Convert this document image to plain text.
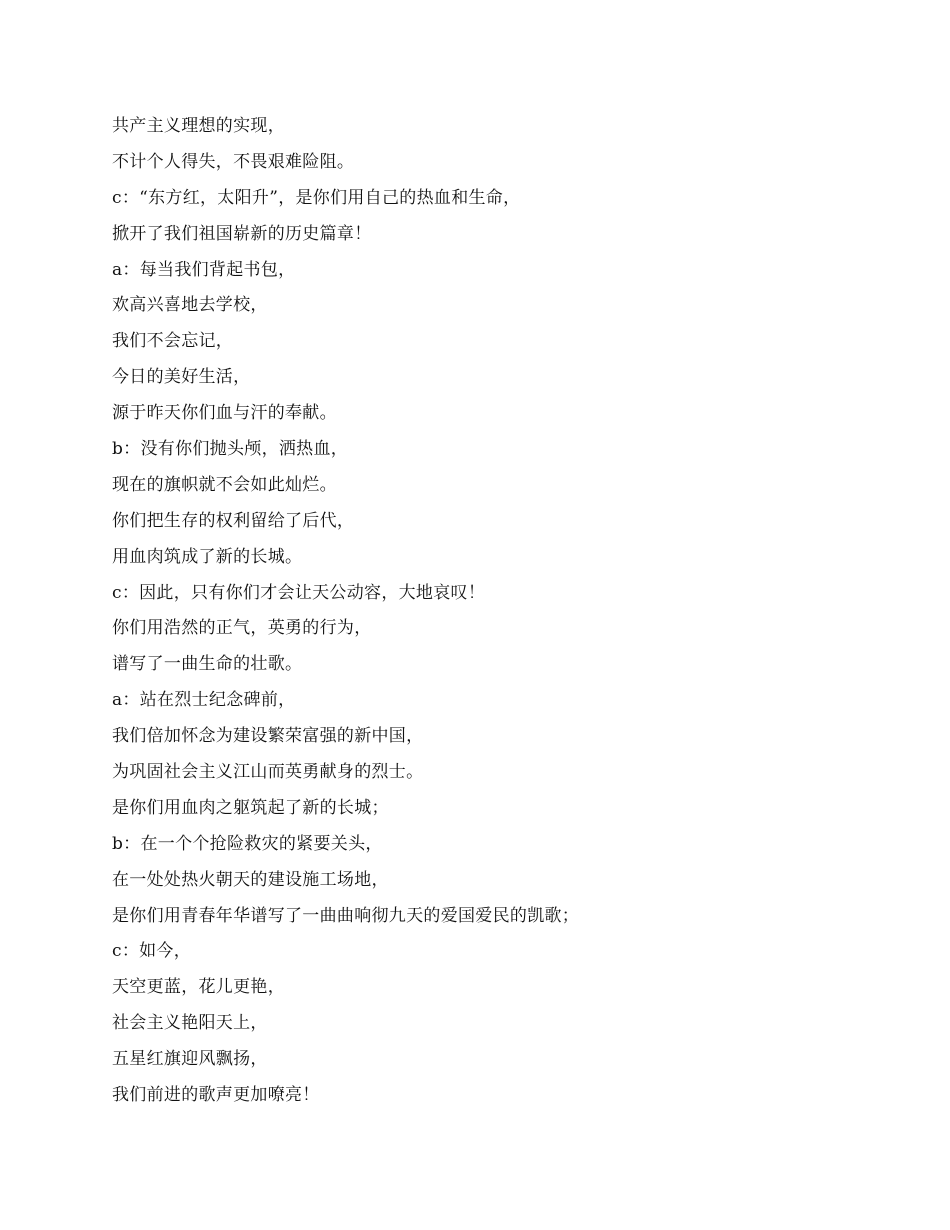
共产主义理想的实现，
不计个人得失，不畏艰难险阻。
c：“东方红，太阳升”，是你们用自己的热血和生命，
掀开了我们祖国崭新的历史篇章！
a：每当我们背起书包，
欢高兴喜地去学校，
我们不会忘记，
今日的美好生活，
源于昨天你们血与汗的奉献。
b：没有你们抛头颅，洒热血，
现在的旗帜就不会如此灿烂。
你们把生存的权利留给了后代，
用血肉筑成了新的长城。
c：因此，只有你们才会让天公动容，大地哀叹！
你们用浩然的正气，英勇的行为，
谱写了一曲生命的壮歌。
a：站在烈士纪念碑前，
我们倍加怀念为建设繁荣富强的新中国，
为巩固社会主义江山而英勇献身的烈士。
是你们用血肉之躯筑起了新的长城；
b：在一个个抢险救灾的紧要关头，
在一处处热火朝天的建设施工场地，
是你们用青春年华谱写了一曲曲响彻九天的爱国爱民的凯歌；
c：如今，
天空更蓝，花儿更艳，
社会主义艳阳天上，
五星红旗迎风飘扬，
我们前进的歌声更加嘹亮！
